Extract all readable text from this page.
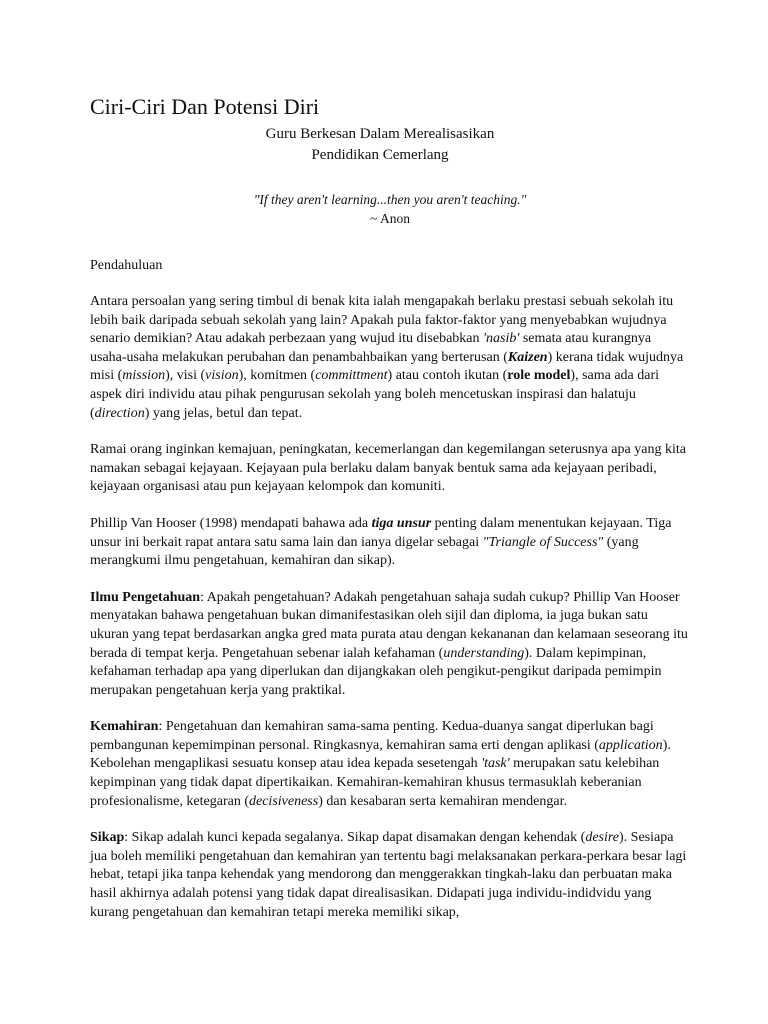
Ciri-Ciri Dan Potensi Diri
Guru Berkesan Dalam Merealisasikan
Pendidikan Cemerlang
"If they aren't learning...then you aren't teaching."
~ Anon
Pendahuluan

Antara persoalan yang sering timbul di benak kita ialah mengapakah berlaku prestasi sebuah sekolah itu lebih baik daripada sebuah sekolah yang lain? Apakah pula faktor-faktor yang menyebabkan wujudnya senario demikian? Atau adakah perbezaan yang wujud itu disebabkan 'nasib' semata atau kurangnya usaha-usaha melakukan perubahan dan penambahbaikan yang berterusan (Kaizen) kerana tidak wujudnya misi (mission), visi (vision), komitmen (committment) atau contoh ikutan (role model), sama ada dari aspek diri individu atau pihak pengurusan sekolah yang boleh mencetuskan inspirasi dan halatuju (direction) yang jelas, betul dan tepat.

Ramai orang inginkan kemajuan, peningkatan, kecemerlangan dan kegemilangan seterusnya apa yang kita namakan sebagai kejayaan. Kejayaan pula berlaku dalam banyak bentuk sama ada kejayaan peribadi, kejayaan organisasi atau pun kejayaan kelompok dan komuniti.

Phillip Van Hooser (1998) mendapati bahawa ada tiga unsur penting dalam menentukan kejayaan. Tiga unsur ini berkait rapat antara satu sama lain dan ianya digelar sebagai "Triangle of Success" (yang merangkumi ilmu pengetahuan, kemahiran dan sikap).

Ilmu Pengetahuan: Apakah pengetahuan? Adakah pengetahuan sahaja sudah cukup? Phillip Van Hooser menyatakan bahawa pengetahuan bukan dimanifestasikan oleh sijil dan diploma, ia juga bukan satu ukuran yang tepat berdasarkan angka gred mata purata atau dengan kekananan dan kelamaan seseorang itu berada di tempat kerja. Pengetahuan sebenar ialah kefahaman (understanding). Dalam kepimpinan, kefahaman terhadap apa yang diperlukan dan dijangkakan oleh pengikut-pengikut daripada pemimpin merupakan pengetahuan kerja yang praktikal.

Kemahiran: Pengetahuan dan kemahiran sama-sama penting. Kedua-duanya sangat diperlukan bagi pembangunan kepemimpinan personal. Ringkasnya, kemahiran sama erti dengan aplikasi (application). Kebolehan mengaplikasi sesuatu konsep atau idea kepada sesetengah 'task' merupakan satu kelebihan kepimpinan yang tidak dapat dipertikaikan. Kemahiran-kemahiran khusus termasuklah keberanian profesionalisme, ketegaran (decisiveness) dan kesabaran serta kemahiran mendengar.

Sikap: Sikap adalah kunci kepada segalanya. Sikap dapat disamakan dengan kehendak (desire). Sesiapa jua boleh memiliki pengetahuan dan kemahiran yan tertentu bagi melaksanakan perkara-perkara besar lagi hebat, tetapi jika tanpa kehendak yang mendorong dan menggerakkan tingkah-laku dan perbuatan maka hasil akhirnya adalah potensi yang tidak dapat direalisasikan. Didapati juga individu-indidvidu yang kurang pengetahuan dan kemahiran tetapi mereka memiliki sikap,
